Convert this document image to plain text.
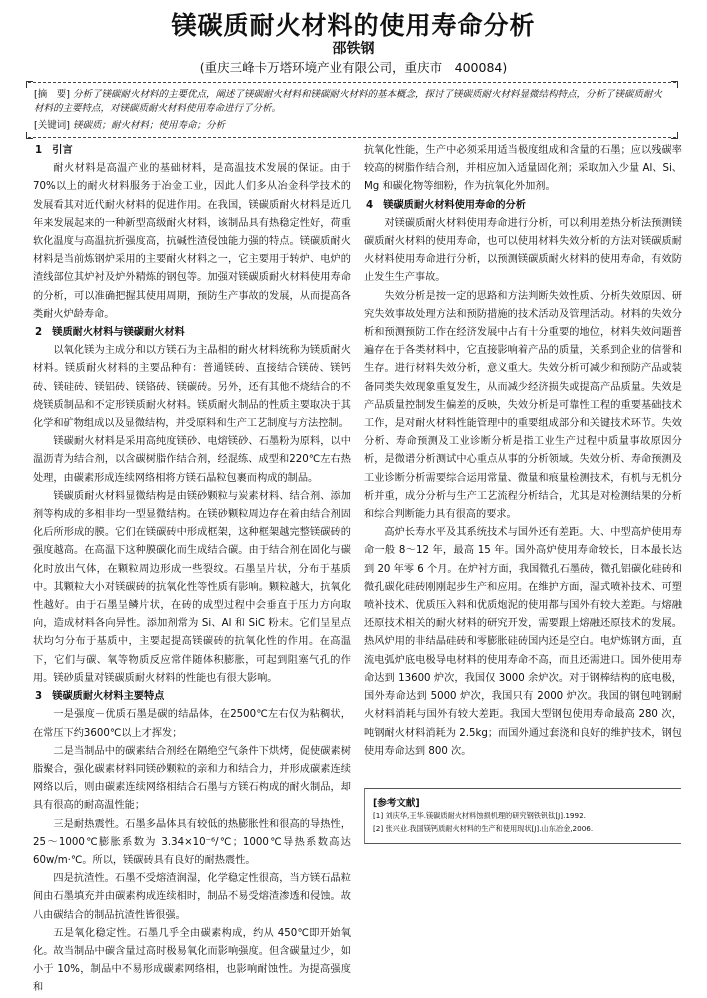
镁碳质耐火材料的使用寿命分析
邵铁钢
(重庆三峰卡万塔环境产业有限公司，重庆市　400084)
[摘　要] 分析了镁碳耐火材料的主要优点，阐述了镁碳耐火材料和镁碳耐火材料的基本概念，探讨了镁碳质耐火材料显微结构特点，分析了镁碳质耐火材料的主要特点，对镁碳质耐火材料使用寿命进行了分析。
[关键词] 镁碳质；耐火材料；使用寿命；分析
1　引言

耐火材料是高温产业的基础材料，是高温技术发展的保证。由于70%以上的耐火材料服务于冶金工业，因此人们多从冶金科学技术的发展看其对近代耐火材料的促进作用。在我国，镁碳质耐火材料是近几年来发展起来的一种新型高级耐火材料，该制品具有热稳定性好，荷重软化温度与高温抗折强度高，抗碱性渣侵蚀能力强的特点。镁碳质耐火材料是当前炼钢炉采用的主要耐火材料之一，它主要用于转炉、电炉的渣线部位其炉衬及炉外精炼的钢包等。加强对镁碳质耐火材料使用寿命的分析，可以准确把握其使用周期，预防生产事故的发展，从而提高各类耐火炉龄寿命。

2　镁质耐火材料与镁碳耐火材料

以氧化镁为主成分和以方镁石为主晶相的耐火材料统称为镁质耐火材料。镁质耐火材料的主要品种有：普通镁砖、直接结合镁砖、镁钙砖、镁硅砖、镁铝砖、镁铬砖、镁碳砖。另外，还有其他不烧结合的不烧镁质制品和不定形镁质耐火材料。镁质耐火制品的性质主要取决于其化学和矿物组成以及显微结构，并受原料和生产工艺制度与方法控制。

镁碳耐火材料是采用高纯度镁砂、电熔镁砂、石墨粉为原料，以中温沥青为结合剂，以含碳树脂作结合剂，经混练、成型和220℃左右热处理，由碳素形成连续网络相将方镁石晶粒包裹而构成的制品。

镁碳质耐火材料显微结构是由镁砂颗粒与炭素材料、结合剂、添加剂等构成的多相非均一型显微结构。在镁砂颗粒周边存在着由结合剂固化后所形成的膜。它们在镁碳砖中形成框架，这种框架越完整镁碳砖的强度越高。在高温下这种膜碳化而生成结合碳。由于结合剂在固化与碳化时放出气体，在颗粒周边形成一些裂纹。石墨呈片状，分布于基质中。其颗粒大小对镁碳砖的抗氧化性等性质有影响。颗粒越大，抗氧化性越好。由于石墨呈鳞片状，在砖的成型过程中会垂直于压力方向取向，造成材料各向异性。添加剂常为 Si、Al 和 SiC 粉末。它们呈星点状均匀分布于基质中，主要起提高镁碳砖的抗氧化性的作用。在高温下，它们与碳、氧等物质反应常伴随体积膨胀，可起到阻塞气孔的作用。镁砂质量对镁碳质耐火材料的性能也有很大影响。

3　镁碳质耐火材料主要特点

一是强度－优质石墨是碳的结晶体，在2500℃左右仅为粘稠状，在常压下约3600℃以上才挥发；

二是当制品中的碳素结合剂经在隔绝空气条件下烘烤，促使碳素树脂聚合，强化碳素材料同镁砂颗粒的亲和力和结合力，并形成碳素连续网络以后，则由碳素连续网络相结合石墨与方镁石构成的耐火制品，却具有很高的耐高温性能；

三是耐热震性。石墨多晶体具有较低的热膨胀性和很高的导热性，25～1000℃膨胀系数为 3.34×10⁻⁶/℃；1000℃导热系数高达 60w/m·℃。所以，镁碳砖具有良好的耐热震性。

四是抗渣性。石墨不受熔渣润湿，化学稳定性很高，当方镁石晶粒间由石墨填充并由碳素构成连续相时，制品不易受熔渣渗透和侵蚀。故八由碳结合的制品抗渣性皆很强。

五是氧化稳定性。石墨几乎全由碳素构成，约从 450℃即开始氧化。故当制品中碳含量过高时极易氧化而影响强度。但含碳量过少，如小于 10%，制品中不易形成碳素网络相，也影响耐蚀性。为提高强度和

抗氧化性能，生产中必须采用适当极度组成和含量的石墨；应以残碳率较高的树脂作结合剂，并相应加入适量固化剂；采取加入少量 Al、Si、Mg 和碳化物等细粉，作为抗氧化外加剂。

4　镁碳质耐火材料使用寿命的分析

对镁碳质耐火材料使用寿命进行分析，可以利用差热分析法预测镁碳质耐火材料的使用寿命，也可以使用材料失效分析的方法对镁碳质耐火材料使用寿命进行分析，以预测镁碳质耐火材料的使用寿命，有效防止发生生产事故。

失效分析是按一定的思路和方法判断失效性质、分析失效原因、研究失效事故处理方法和预防措施的技术活动及管理活动。材料的失效分析和预测预防工作在经济发展中占有十分重要的地位，材料失效问题普遍存在于各类材料中，它直接影响着产品的质量，关系到企业的信誉和生存。进行材料失效分析，意义重大。失效分析可减少和预防产品或装备同类失效现象重复发生，从而减少经济损失或提高产品质量。失效是产品质量控制发生偏差的反映，失效分析是可靠性工程的重要基础技术工作，是对耐火材料性能管理中的重要组成部分和关键技术环节。失效分析、寿命预测及工业诊断分析是指工业生产过程中质量事故原因分析，是微谱分析测试中心重点从事的分析领域。失效分析、寿命预测及工业诊断分析需要综合运用常量、微量和痕量检测技术，有机与无机分析并重，成分分析与生产工艺流程分析结合，尤其是对检测结果的分析和综合判断能力具有很高的要求。

高炉长寿水平及其系统技术与国外还有差距。大、中型高炉使用寿命一般 8～12 年，最高 15 年。国外高炉使用寿命较长，日本最长达到 20 年零 6 个月。在炉衬方面，我国微孔石墨砖，微孔铝碳化硅砖和微孔碳化硅砖刚刚起步生产和应用。在维护方面，湿式喷补技术、可塑喷补技术、优质压入料和优质炮泥的使用都与国外有较大差距。与熔融还原技术相关的耐火材料的研究开发，需要跟上熔融还原技术的发展。热风炉用的非结晶硅砖和零膨胀硅砖国内还是空白。电炉炼钢方面，直流电弧炉底电极导电材料的使用寿命不高，而且还需进口。国外使用寿命达到 13600 炉次，我国仅 3000 余炉次。对于钢棒结构的底电极，国外寿命达到 5000 炉次，我国只有 2000 炉次。我国的钢包吨钢耐火材料消耗与国外有较大差距。我国大型钢包使用寿命最高 280 次，吨钢耐火材料消耗为 2.5kg；而国外通过套浇和良好的维护技术，钢包使用寿命达到 800 次。

[参考文献]
[1] 刘庆华,王华.镁碳质耐火材料蚀损机理的研究钢铁钒钛[J].1992.
[2] 张兴业.我国镁钙质耐火材料的生产和使用现状[J].山东冶金,2006.
